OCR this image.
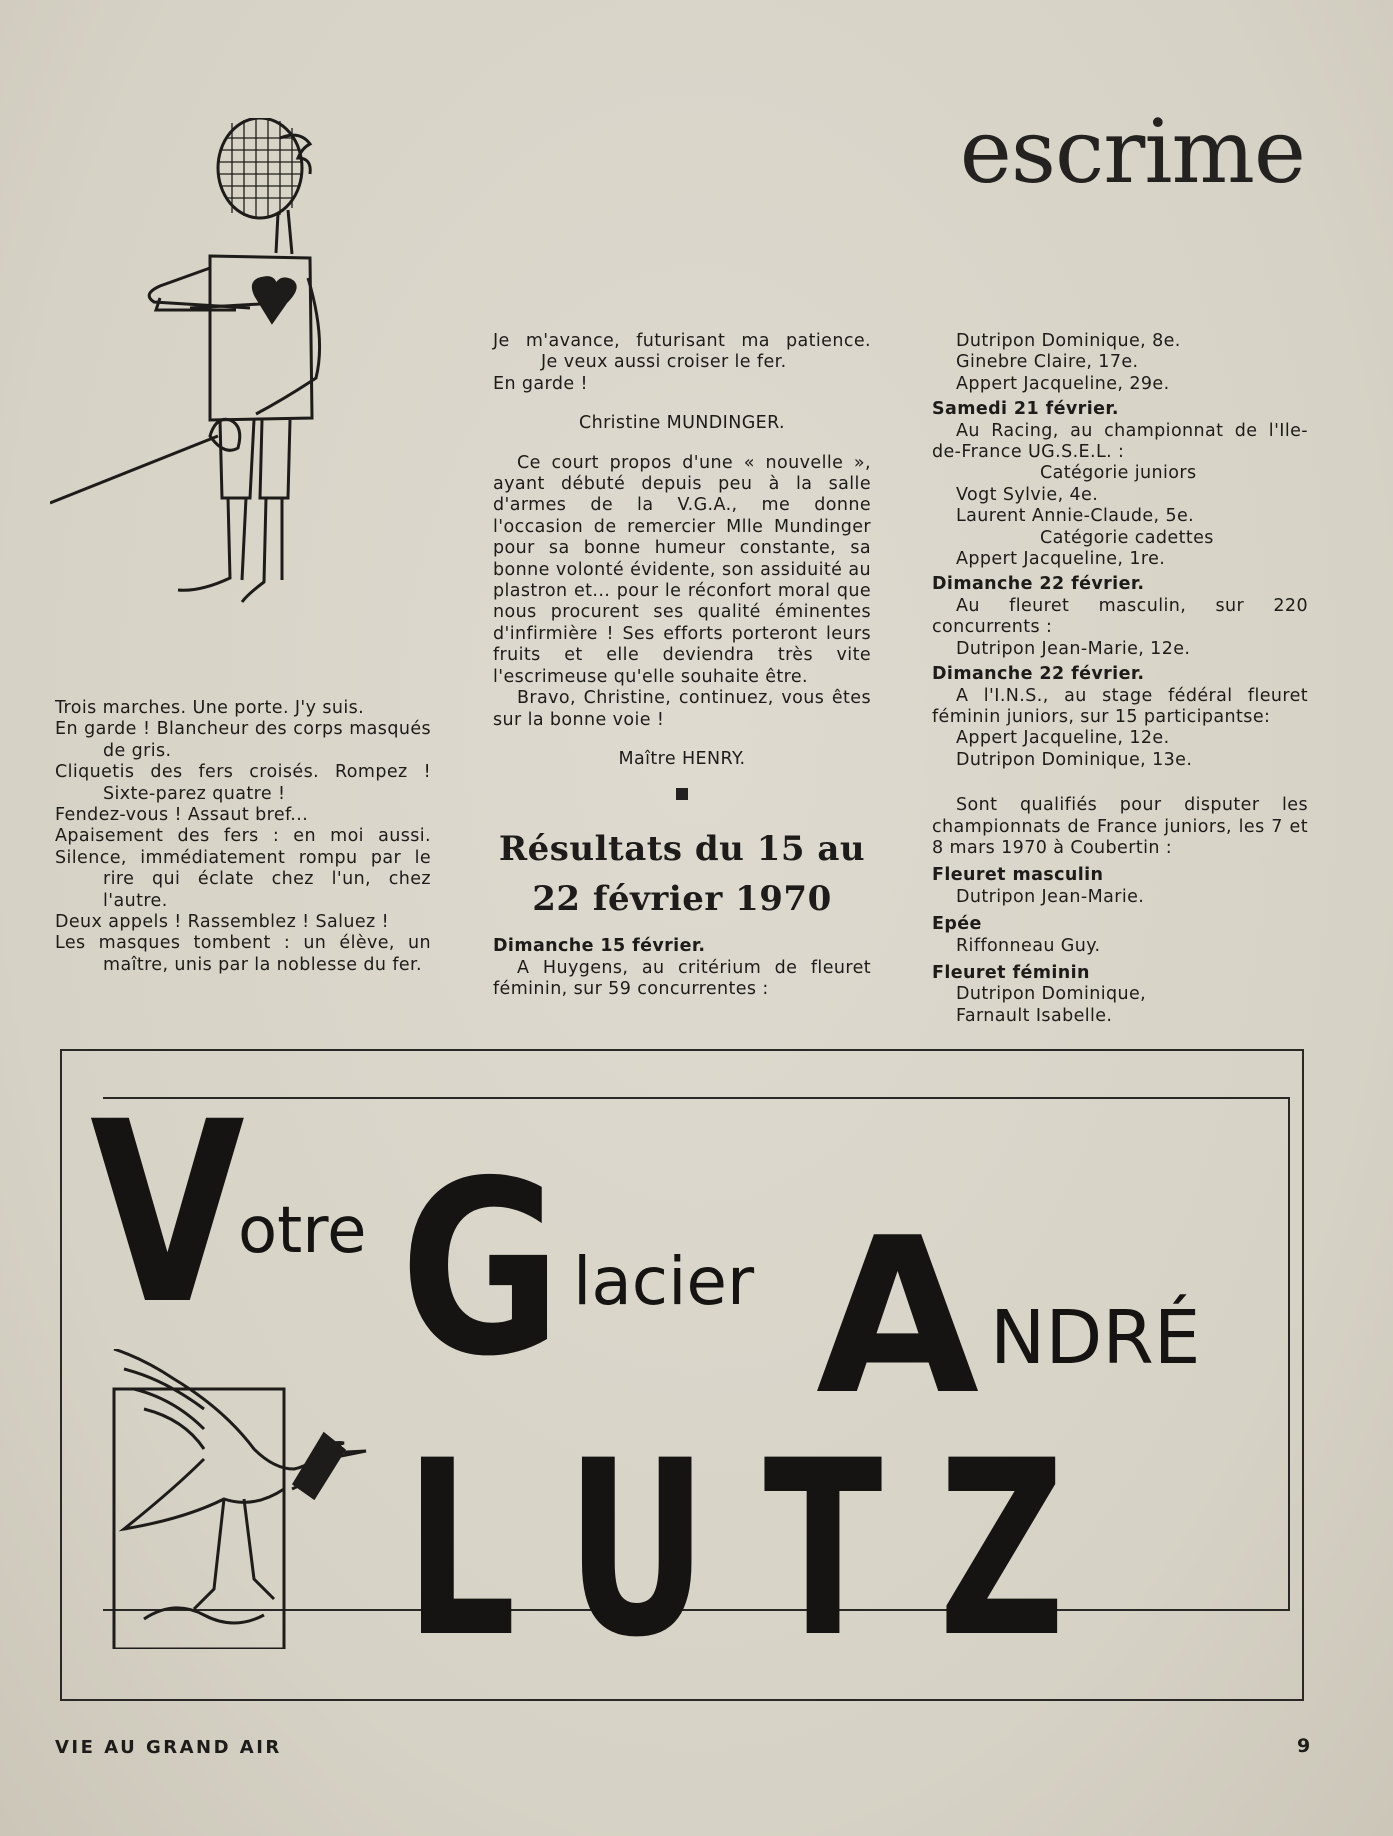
escrime

Trois marches. Une porte. J'y suis.

En garde ! Blancheur des corps masqués
de gris.

Cliquetis des fers croisés. Rompez !
Sixte-parez quatre !

Fendez-vous ! Assaut bref...

Apaisement des fers : en moi aussi.

Silence, immédiatement rompu par le
rire qui éclate chez l'un, chez l'autre.

Deux appels ! Rassemblez ! Saluez !

Les masques tombent : un élève, un
maître, unis par la noblesse du fer.

Je m'avance, futurisant ma patience.

Je veux aussi croiser le fer.

En garde !

Christine MUNDINGER.

Ce court propos d'une « nouvelle », ayant débuté depuis peu à la salle d'armes de la V.G.A., me donne l'occasion de remercier Mlle Mundinger pour sa bonne humeur constante, sa bonne volonté évidente, son assiduité au plastron et... pour le réconfort moral que nous procurent ses qualité éminentes d'infirmière ! Ses efforts porteront leurs fruits et elle deviendra très vite l'escrimeuse qu'elle souhaite être.

Bravo, Christine, continuez, vous êtes sur la bonne voie !

Maître HENRY.

Résultats du 15 au 22 février 1970

Dimanche 15 février.

A Huygens, au critérium de fleuret féminin, sur 59 concurrentes :

Dutripon Dominique, 8e.

Ginebre Claire, 17e.

Appert Jacqueline, 29e.

Samedi 21 février.

Au Racing, au championnat de l'Ile-de-France UG.S.E.L. :

Catégorie juniors

Vogt Sylvie, 4e.

Laurent Annie-Claude, 5e.

Catégorie cadettes

Appert Jacqueline, 1re.

Dimanche 22 février.

Au fleuret masculin, sur 220 concurrents :

Dutripon Jean-Marie, 12e.

Dimanche 22 février.

A l'I.N.S., au stage fédéral fleuret féminin juniors, sur 15 participantse:

Appert Jacqueline, 12e.

Dutripon Dominique, 13e.

Sont qualifiés pour disputer les championnats de France juniors, les 7 et 8 mars 1970 à Coubertin :

Fleuret masculin

Dutripon Jean-Marie.

Epée

Riffonneau Guy.

Fleuret féminin

Dutripon Dominique,

Farnault Isabelle.

V
otre G lacier A NDRÉ
LUTZ
VIE AU GRAND AIR	9
